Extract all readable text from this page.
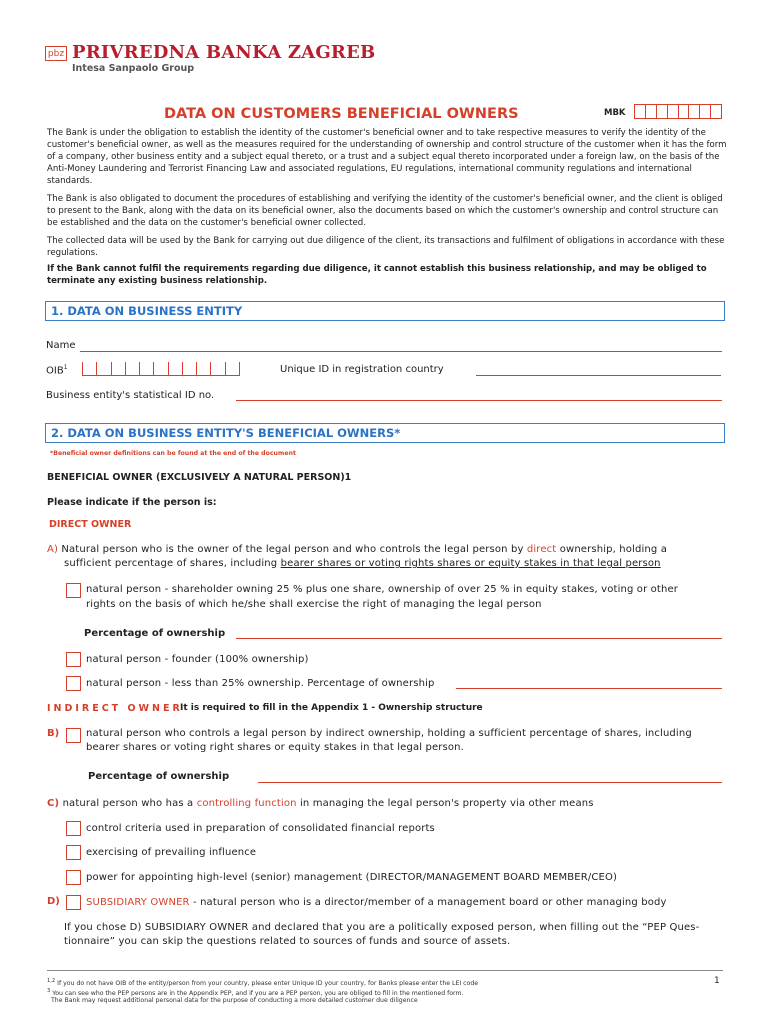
pbz PRIVREDNA BANKA ZAGREB
Intesa Sanpaolo Group
DATA ON CUSTOMERS BENEFICIAL OWNERS	MBK
The Bank is under the obligation to establish the identity of the customer's beneficial owner and to take respective measures to verify the identity of the customer's beneficial owner, as well as the measures required for the understanding of ownership and control structure of the customer when it has the form of a company, other business entity and a subject equal thereto, or a trust and a subject equal thereto incorporated under a foreign law, on the basis of the Anti-Money Laundering and Terrorist Financing Law and associated regulations, EU regulations, international community regulations and international standards.
The Bank is also obligated to document the procedures of establishing and verifying the identity of the customer's beneficial owner, and the client is obliged to present to the Bank, along with the data on its beneficial owner, also the documents based on which the customer's ownership and control structure can be established and the data on the customer's beneficial owner collected.
The collected data will be used by the Bank for carrying out due diligence of the client, its transactions and fulfilment of obligations in accordance with these regulations.
If the Bank cannot fulfil the requirements regarding due diligence, it cannot establish this business relationship, and may be obliged to terminate any existing business relationship.
1. DATA ON BUSINESS ENTITY
Name
OIB$^1$	Unique ID in registration country
Business entity's statistical ID no.
2. DATA ON BUSINESS ENTITY'S BENEFICIAL OWNERS*
*Beneficial owner definitions can be found at the end of the document
BENEFICIAL OWNER (EXCLUSIVELY A NATURAL PERSON)1
Please indicate if the person is:
DIRECT OWNER
A) Natural person who is the owner of the legal person and who controls the legal person by direct ownership, holding a
sufficient percentage of shares, including bearer shares or voting rights shares or equity stakes in that legal person
natural person - shareholder owning 25 % plus one share, ownership of over 25 % in equity stakes, voting or other
rights on the basis of which he/she shall exercise the right of managing the legal person
Percentage of ownership
natural person - founder (100% ownership)
natural person - less than 25% ownership. Percentage of ownership
INDIRECT OWNER
It is required to fill in the Appendix 1 - Ownership structure
B)	natural person who controls a legal person by indirect ownership, holding a sufficient percentage of shares, including
bearer shares or voting right shares or equity stakes in that legal person.
Percentage of ownership
C) natural person who has a controlling function in managing the legal person's property via other means
control criteria used in preparation of consolidated financial reports
exercising of prevailing influence
power for appointing high-level (senior) management (DIRECTOR/MANAGEMENT BOARD MEMBER/CEO)
D)	SUBSIDIARY OWNER - natural person who is a director/member of a management board or other managing body
If you chose D) SUBSIDIARY OWNER and declared that you are a politically exposed person, when filling out the “PEP Ques-
tionnaire” you can skip the questions related to sources of funds and source of assets.
$^{1,2}$ If you do not have OIB of the entity/person from your country, please enter Unique ID your country, for Banks please enter the LEI code
$^3$ You can see who the PEP persons are in the Appendix PEP, and if you are a PEP person, you are obliged to fill in the mentioned form.
The Bank may request additional personal data for the purpose of conducting a more detailed customer due diligence
1
